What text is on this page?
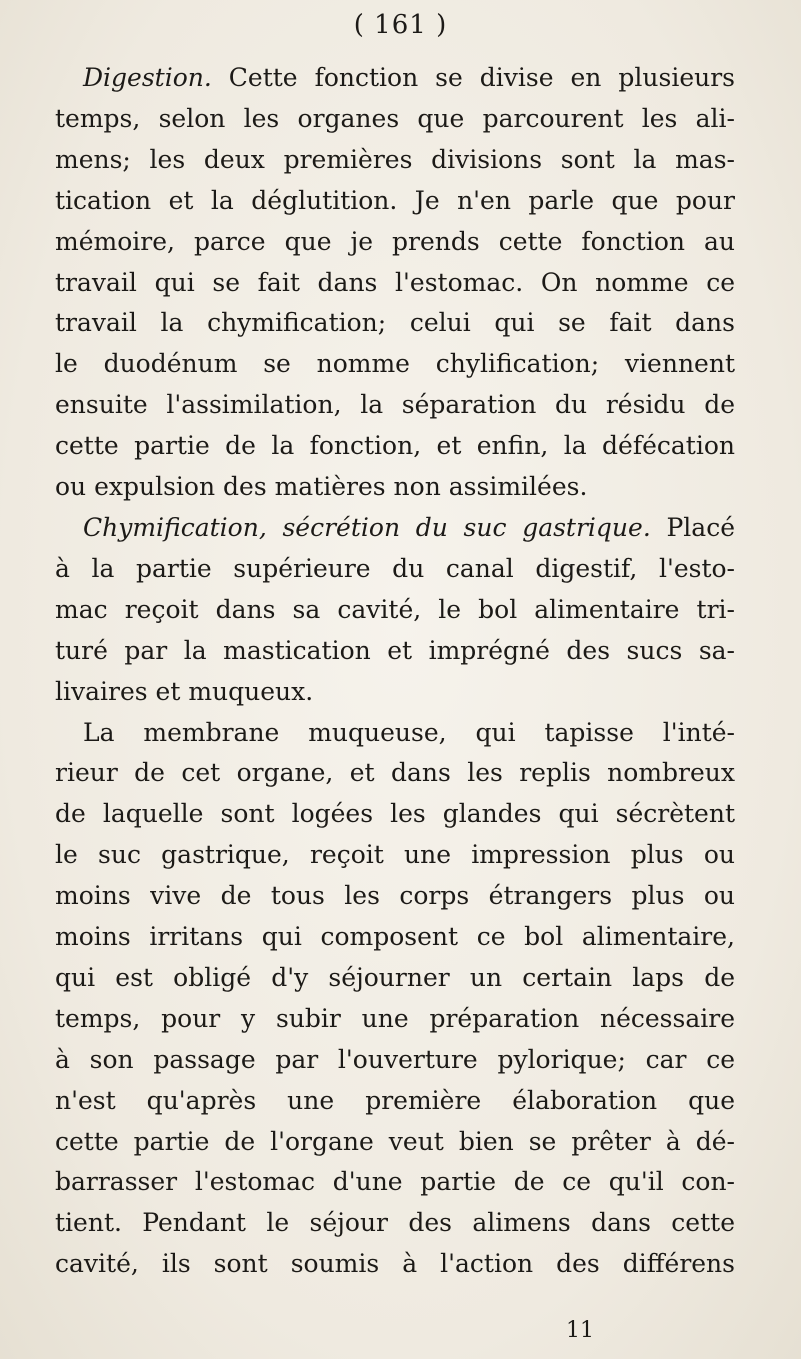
( 161 )
Digestion. Cette fonction se divise en plusieurs
temps, selon les organes que parcourent les ali-
mens; les deux premières divisions sont la mas-
tication et la déglutition. Je n'en parle que pour
mémoire, parce que je prends cette fonction au
travail qui se fait dans l'estomac. On nomme ce
travail la chymification; celui qui se fait dans
le duodénum se nomme chylification; viennent
ensuite l'assimilation, la séparation du résidu de
cette partie de la fonction, et enfin, la défécation
ou expulsion des matières non assimilées.
Chymification, sécrétion du suc gastrique. Placé
à la partie supérieure du canal digestif, l'esto-
mac reçoit dans sa cavité, le bol alimentaire tri-
turé par la mastication et imprégné des sucs sa-
livaires et muqueux.
La membrane muqueuse, qui tapisse l'inté-
rieur de cet organe, et dans les replis nombreux
de laquelle sont logées les glandes qui sécrètent
le suc gastrique, reçoit une impression plus ou
moins vive de tous les corps étrangers plus ou
moins irritans qui composent ce bol alimentaire,
qui est obligé d'y séjourner un certain laps de
temps, pour y subir une préparation nécessaire
à son passage par l'ouverture pylorique; car ce
n'est qu'après une première élaboration que
cette partie de l'organe veut bien se prêter à dé-
barrasser l'estomac d'une partie de ce qu'il con-
tient. Pendant le séjour des alimens dans cette
cavité, ils sont soumis à l'action des différens
11
